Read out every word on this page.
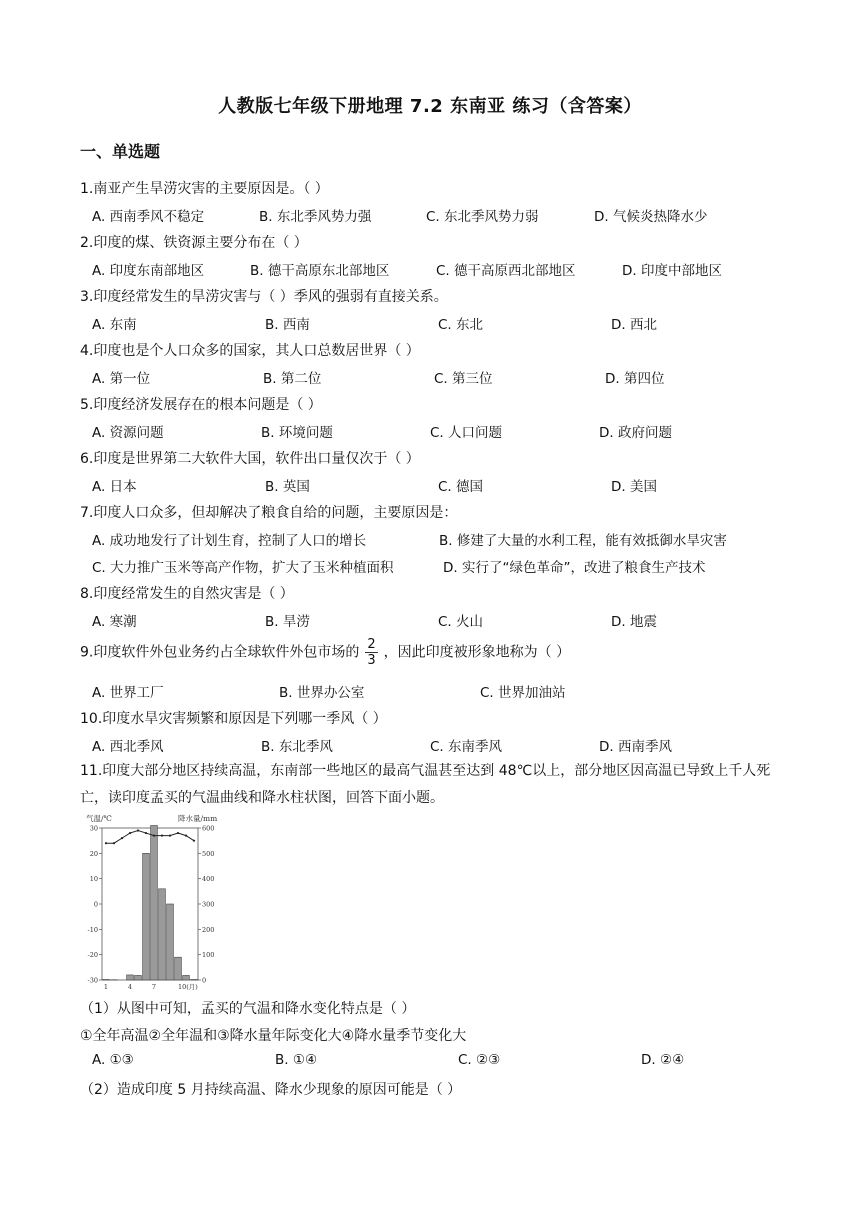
人教版七年级下册地理 7.2 东南亚 练习（含答案）
一、单选题
1.南亚产生旱涝灾害的主要原因是。（ ）
A. 西南季风不稳定	B. 东北季风势力强	C. 东北季风势力弱	D. 气候炎热降水少
2.印度的煤、铁资源主要分布在（ ）
A. 印度东南部地区	B. 德干高原东北部地区	C. 德干高原西北部地区	D. 印度中部地区
3.印度经常发生的旱涝灾害与（ ）季风的强弱有直接关系。
A. 东南	B. 西南	C. 东北	D. 西北
4.印度也是个人口众多的国家，其人口总数居世界（ ）
A. 第一位	B. 第二位	C. 第三位	D. 第四位
5.印度经济发展存在的根本问题是（ ）
A. 资源问题	B. 环境问题	C. 人口问题	D. 政府问题
6.印度是世界第二大软件大国，软件出口量仅次于（ ）
A. 日本	B. 英国	C. 德国	D. 美国
7.印度人口众多，但却解决了粮食自给的问题，主要原因是：
A. 成功地发行了计划生育，控制了人口的增长	B. 修建了大量的水利工程，能有效抵御水旱灾害
C. 大力推广玉米等高产作物，扩大了玉米种植面积	D. 实行了“绿色革命”，改进了粮食生产技术
8.印度经常发生的自然灾害是（ ）
A. 寒潮	B. 旱涝	C. 火山	D. 地震
9.印度软件外包业务约占全球软件外包市场的 $\frac{2}{3}$ ，因此印度被形象地称为（ ）
A. 世界工厂	B. 世界办公室	C. 世界加油站
10.印度水旱灾害频繁和原因是下列哪一季风（ ）
A. 西北季风	B. 东北季风	C. 东南季风	D. 西南季风
11.印度大部分地区持续高温，东南部一些地区的最高气温甚至达到 48℃以上，部分地区因高温已导致上千人死亡，读印度孟买的气温曲线和降水柱状图，回答下面小题。
气温/℃	降水量/mm
30	600
20	500
10	400
0	300
-10	200
-20	100
-30	0
1	4	7	10(月)
（1）从图中可知，孟买的气温和降水变化特点是（ ）
①全年高温②全年温和③降水量年际变化大④降水量季节变化大
A. ①③	B. ①④	C. ②③	D. ②④
（2）造成印度 5 月持续高温、降水少现象的原因可能是（ ）
